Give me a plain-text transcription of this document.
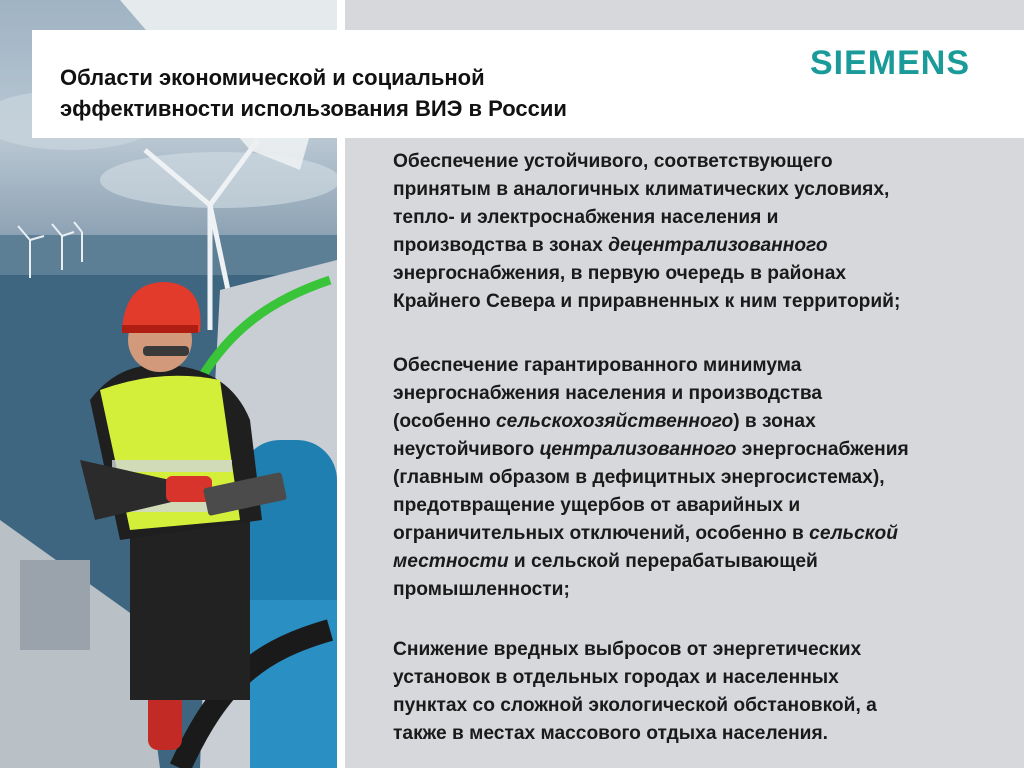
Области экономической и социальной
эффективности использования ВИЭ в России
SIEMENS

Обеспечение устойчивого, соответствующего
принятым в аналогичных климатических условиях,
тепло- и электроснабжения населения и
производства в зонах децентрализованного
энергоснабжения, в первую очередь в районах
Крайнего Севера и приравненных к ним территорий;

Обеспечение гарантированного минимума
энергоснабжения населения и производства
(особенно сельскохозяйственного) в зонах
неустойчивого централизованного энергоснабжения
(главным образом в дефицитных энергосистемах),
предотвращение ущербов от аварийных и
ограничительных отключений, особенно в сельской
местности и сельской перерабатывающей
промышленности;

Снижение вредных выбросов от энергетических
установок в отдельных городах и населенных
пунктах со сложной экологической обстановкой, а
также в местах массового отдыха населения.
